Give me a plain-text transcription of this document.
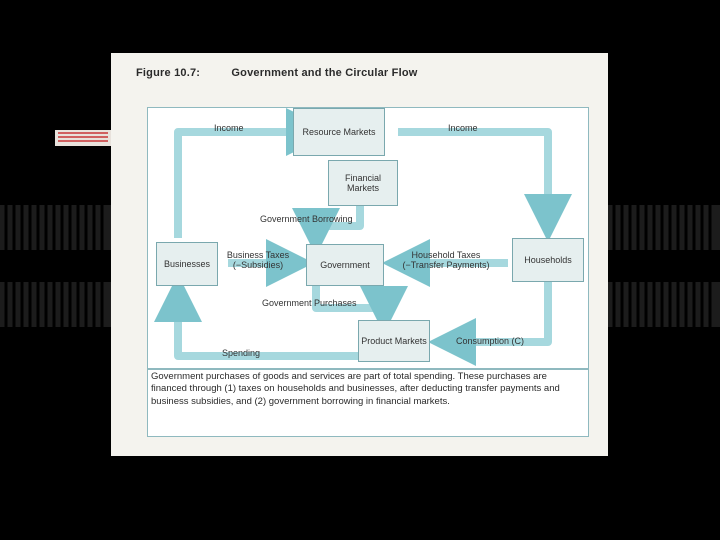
Figure 10.7:	Government and the Circular Flow
Resource Markets
Financial Markets
Businesses	Government	Households
Product Markets
Income	Income
Government Borrowing
Business Taxes (−Subsidies)
Household Taxes (−Transfer Payments)
Government Purchases
Spending
Consumption (C)
Government purchases of goods and services are part of total spending. These purchases are financed through (1) taxes on households and businesses, after deducting transfer payments and business subsidies, and (2) government borrowing in financial markets.
